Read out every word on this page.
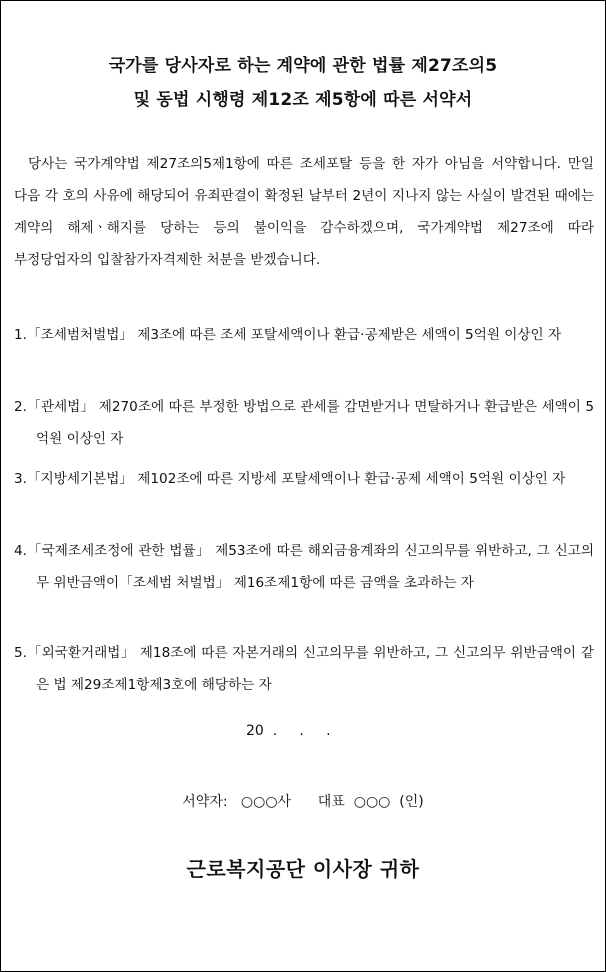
국가를 당사자로 하는 계약에 관한 법률 제27조의5
및 동법 시행령 제12조 제5항에 따른 서약서
당사는 국가계약법 제27조의5제1항에 따른 조세포탈 등을 한 자가 아님을 서약합니다. 만일 다음 각 호의 사유에 해당되어 유죄판결이 확정된 날부터 2년이 지나지 않는 사실이 발견된 때에는 계약의 해제ㆍ해지를 당하는 등의 불이익을 감수하겠으며, 국가계약법 제27조에 따라 부정당업자의 입찰참가자격제한 처분을 받겠습니다.
1.「조세범처벌법」 제3조에 따른 조세 포탈세액이나 환급·공제받은 세액이 5억원 이상인 자
2.「관세법」 제270조에 따른 부정한 방법으로 관세를 감면받거나 면탈하거나 환급받은 세액이 5억원 이상인 자
3.「지방세기본법」 제102조에 따른 지방세 포탈세액이나 환급·공제 세액이 5억원 이상인 자
4.「국제조세조정에 관한 법률」 제53조에 따른 해외금융계좌의 신고의무를 위반하고, 그 신고의무 위반금액이「조세범 처벌법」 제16조제1항에 따른 금액을 초과하는 자
5.「외국환거래법」 제18조에 따른 자본거래의 신고의무를 위반하고, 그 신고의무 위반금액이 같은 법 제29조제1항제3호에 해당하는 자
20  .     .     .
서약자:   ○○○사      대표  ○○○  (인)
근로복지공단 이사장 귀하
